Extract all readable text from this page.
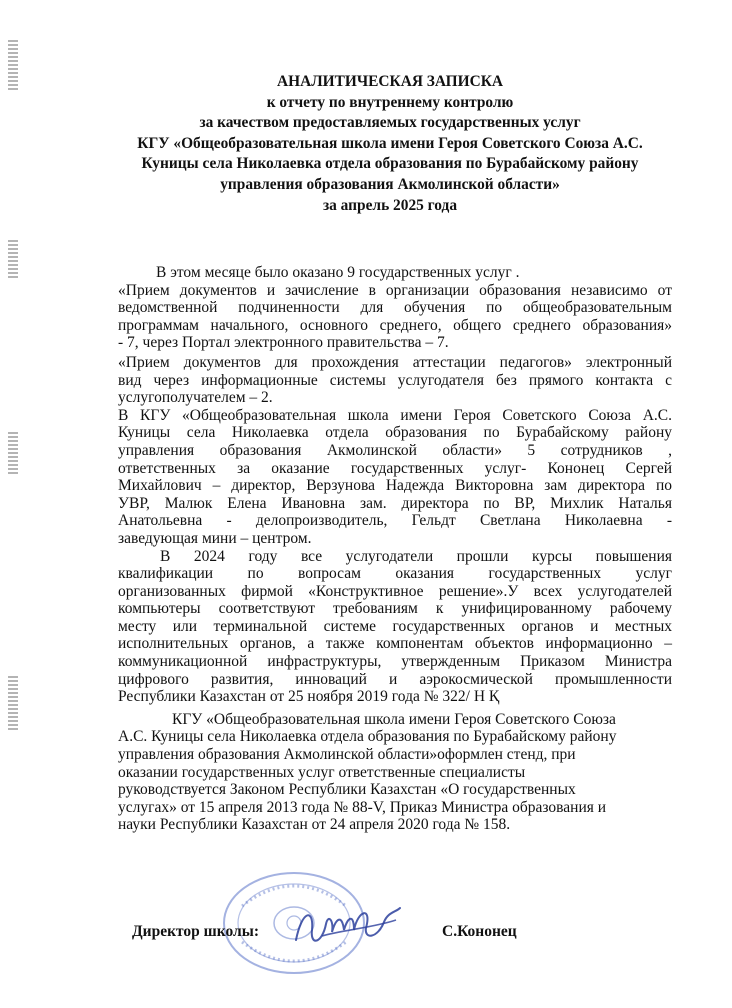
АНАЛИТИЧЕСКАЯ ЗАПИСКА
к отчету по внутреннему контролю
за качеством предоставляемых государственных услуг
КГУ «Общеобразовательная школа имени Героя Советского Союза А.С.
Куницы села Николаевка отдела образования по Бурабайскому району
управления образования Акмолинской области»
за апрель 2025 года

В этом месяце было оказано 9 государственных услуг .

«Прием документов и зачисление в организации образования независимо от
ведомственной подчиненности для обучения по общеобразовательным
программам начального, основного среднего, общего среднего образования»
- 7, через Портал электронного правительства – 7.

«Прием документов для прохождения аттестации педагогов» электронный
вид через информационные системы услугодателя без прямого контакта с
услугополучателем – 2.

В КГУ «Общеобразовательная школа имени Героя Советского Союза А.С.
Куницы села Николаевка отдела образования по Бурабайскому району
управления образования Акмолинской области» 5 сотрудников ,
ответственных за оказание государственных услуг- Кононец Сергей
Михайлович – директор, Верзунова Надежда Викторовна зам директора по
УВР, Малюк Елена Ивановна зам. директора по ВР, Михлик Наталья
Анатольевна - делопроизводитель, Гельдт Светлана Николаевна -
заведующая мини – центром.

В 2024 году все услугодатели прошли курсы повышения
квалификации по вопросам оказания государственных услуг
организованных фирмой «Конструктивное решение».У всех услугодателей
компьютеры соответствуют требованиям к унифицированному рабочему
месту или терминальной системе государственных органов и местных
исполнительных органов, а также компонентам объектов информационно –
коммуникационной инфраструктуры, утвержденным Приказом Министра
цифрового развития, инноваций и аэрокосмической промышленности
Республики Казахстан от 25 ноября 2019 года № 322/ Н Қ

КГУ «Общеобразовательная школа имени Героя Советского Союза
А.С. Куницы села Николаевка отдела образования по Бурабайскому району
управления образования Акмолинской области»оформлен стенд, при
оказании государственных услуг ответственные специалисты
руководствуется Законом Республики Казахстан «О государственных
услугах» от 15 апреля 2013 года № 88-V, Приказ Министра образования и
науки Республики Казахстан от 24 апреля 2020 года № 158.

Директор школы:	С.Кононец
